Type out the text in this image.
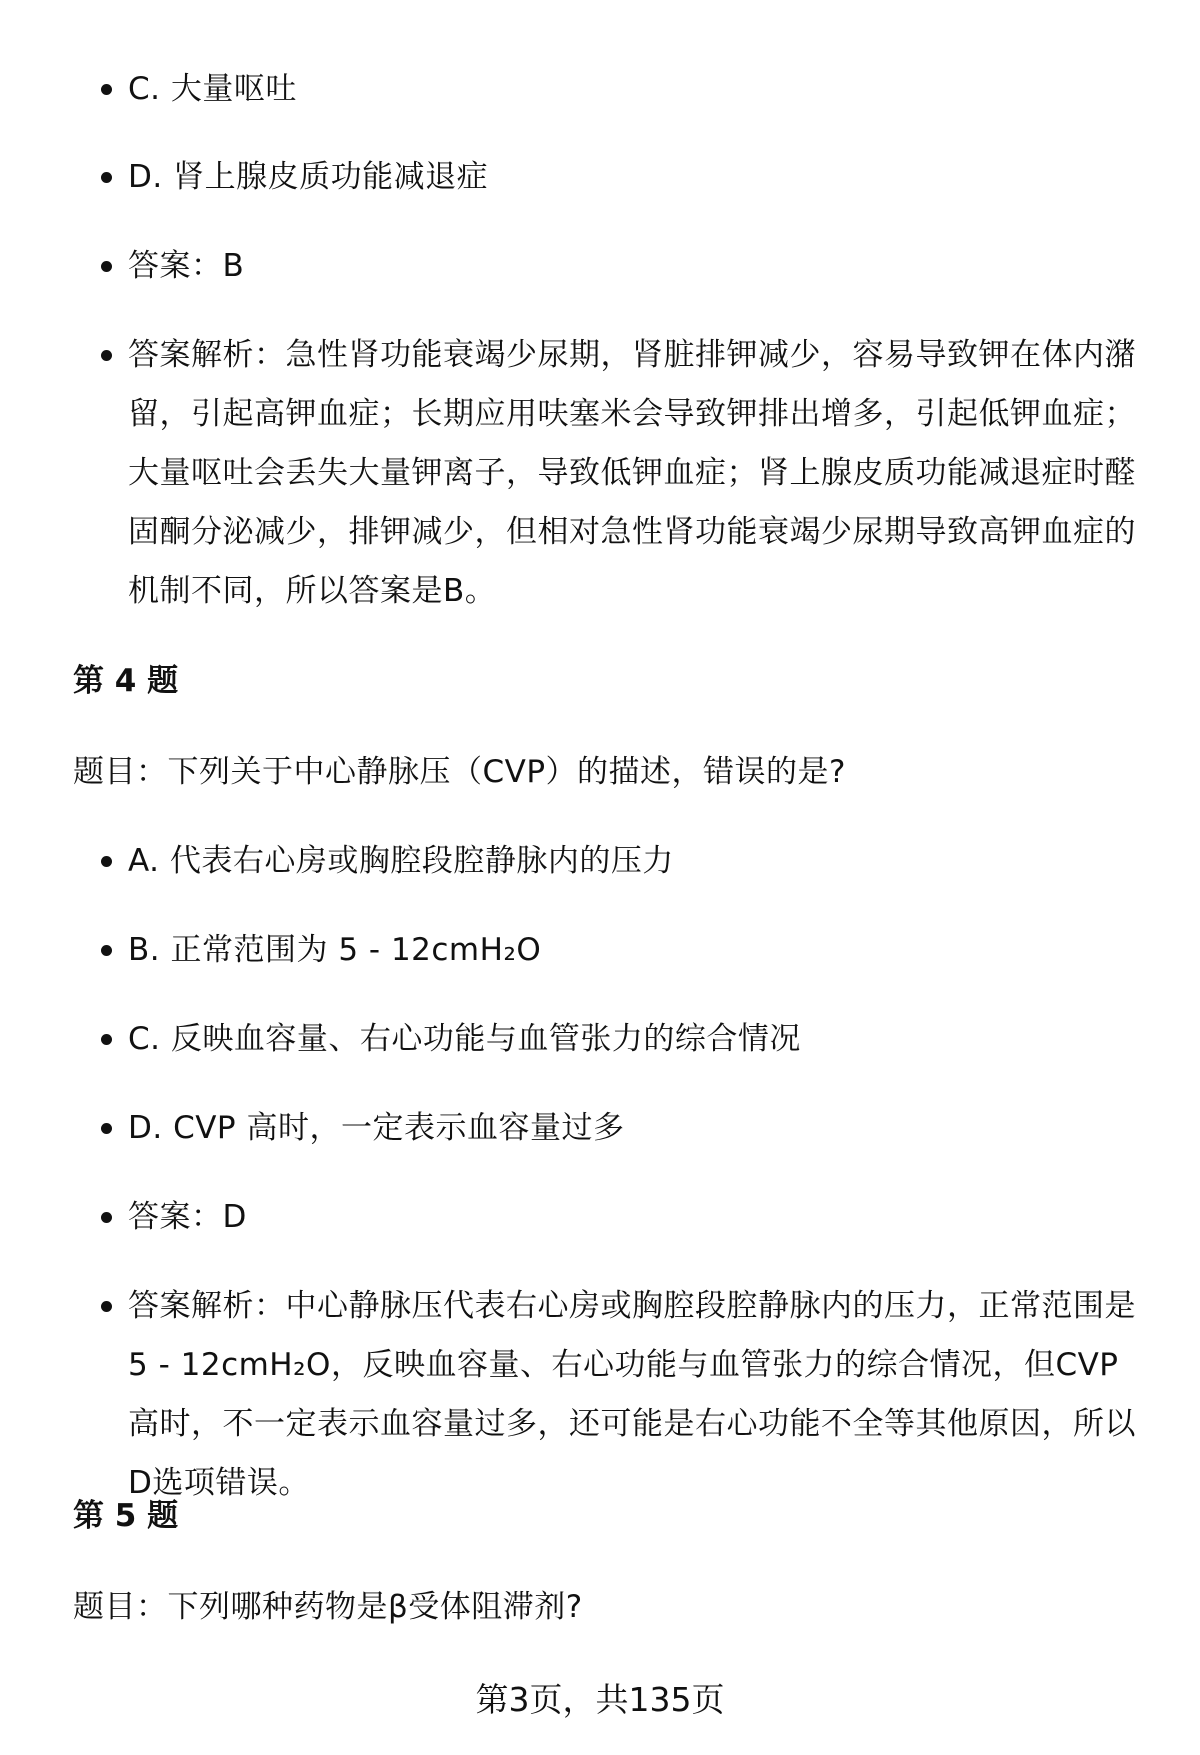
C. 大量呕吐
D. 肾上腺皮质功能减退症
答案：B
答案解析：急性肾功能衰竭少尿期，肾脏排钾减少，容易导致钾在体内潴留，引起高钾血症；长期应用呋塞米会导致钾排出增多，引起低钾血症；大量呕吐会丢失大量钾离子，导致低钾血症；肾上腺皮质功能减退症时醛固酮分泌减少，排钾减少，但相对急性肾功能衰竭少尿期导致高钾血症的机制不同，所以答案是B。
第 4 题
题目：下列关于中心静脉压（CVP）的描述，错误的是?
A. 代表右心房或胸腔段腔静脉内的压力
B. 正常范围为 5 - 12cmH₂O
C. 反映血容量、右心功能与血管张力的综合情况
D. CVP 高时，一定表示血容量过多
答案：D
答案解析：中心静脉压代表右心房或胸腔段腔静脉内的压力，正常范围是5 - 12cmH₂O，反映血容量、右心功能与血管张力的综合情况，但CVP高时，不一定表示血容量过多，还可能是右心功能不全等其他原因，所以D选项错误。
第 5 题
题目：下列哪种药物是β受体阻滞剂?
第3页，共135页
